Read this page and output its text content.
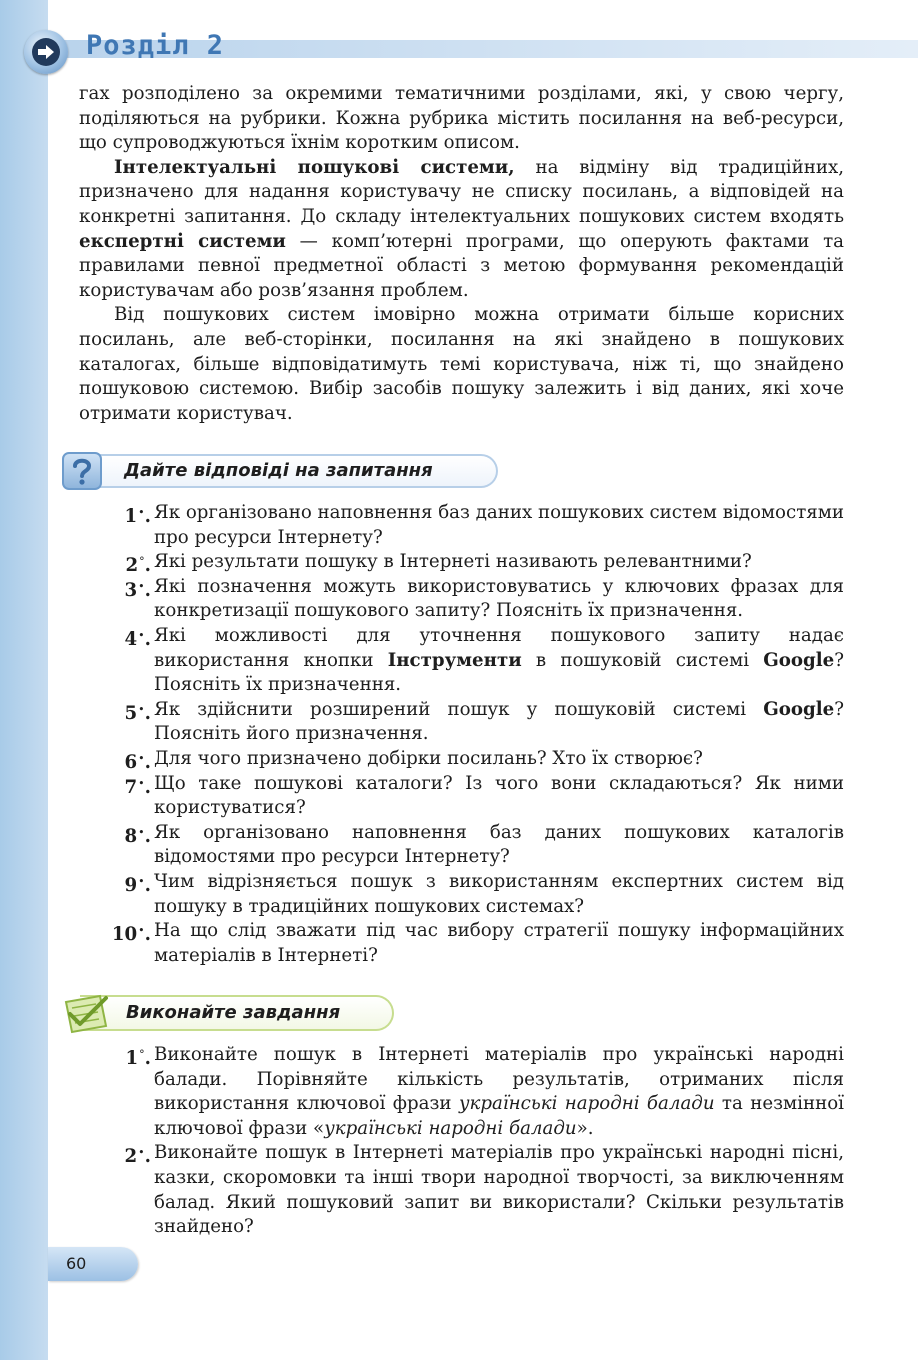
Розділ 2

гах розподілено за окремими тематичними розділами, які, у свою чергу, поділяються на рубрики. Кожна рубрика містить посилання на веб-ресурси, що супроводжуються їхнім коротким описом.

Інтелектуальні пошукові системи, на відміну від традиційних, призначено для надання користувачу не списку посилань, а відповідей на конкретні запитання. До складу інтелектуальних пошукових систем входять експертні системи — комп’ютерні програми, що оперують фактами та правилами певної предметної області з метою формування рекомендацій користувачам або розв’язання проблем.

Від пошукових систем імовірно можна отримати більше корисних посилань, але веб-сторінки, посилання на які знайдено в пошукових каталогах, більше відповідатимуть темі користувача, ніж ті, що знайдено пошуковою системою. Вибір засобів пошуку залежить і від даних, які хоче отримати користувач.

Дайте відповіді на запитання
1•. Як організовано наповнення баз даних пошукових систем відомостями про ресурси Інтернету?
2°. Які результати пошуку в Інтернеті називають релевантними?
3•. Які позначення можуть використовуватись у ключових фразах для конкретизації пошукового запиту? Поясніть їх призначення.
4•. Які можливості для уточнення пошукового запиту надає використання кнопки Інструменти в пошуковій системі Google? Поясніть їх призначення.
5•. Як здійснити розширений пошук у пошуковій системі Google? Поясніть його призначення.
6•. Для чого призначено добірки посилань? Хто їх створює?
7•. Що таке пошукові каталоги? Із чого вони складаються? Як ними користуватися?
8•. Як організовано наповнення баз даних пошукових каталогів відомостями про ресурси Інтернету?
9•. Чим відрізняється пошук з використанням експертних систем від пошуку в традиційних пошукових системах?
10•. На що слід зважати під час вибору стратегії пошуку інформаційних матеріалів в Інтернеті?
Виконайте завдання
1°. Виконайте пошук в Інтернеті матеріалів про українські народні балади. Порівняйте кількість результатів, отриманих після використання ключової фрази українські народні балади та незмінної ключової фрази «українські народні балади».
2•. Виконайте пошук в Інтернеті матеріалів про українські народні пісні, казки, скоромовки та інші твори народної творчості, за виключенням балад. Який пошуковий запит ви використали? Скільки результатів знайдено?
60
